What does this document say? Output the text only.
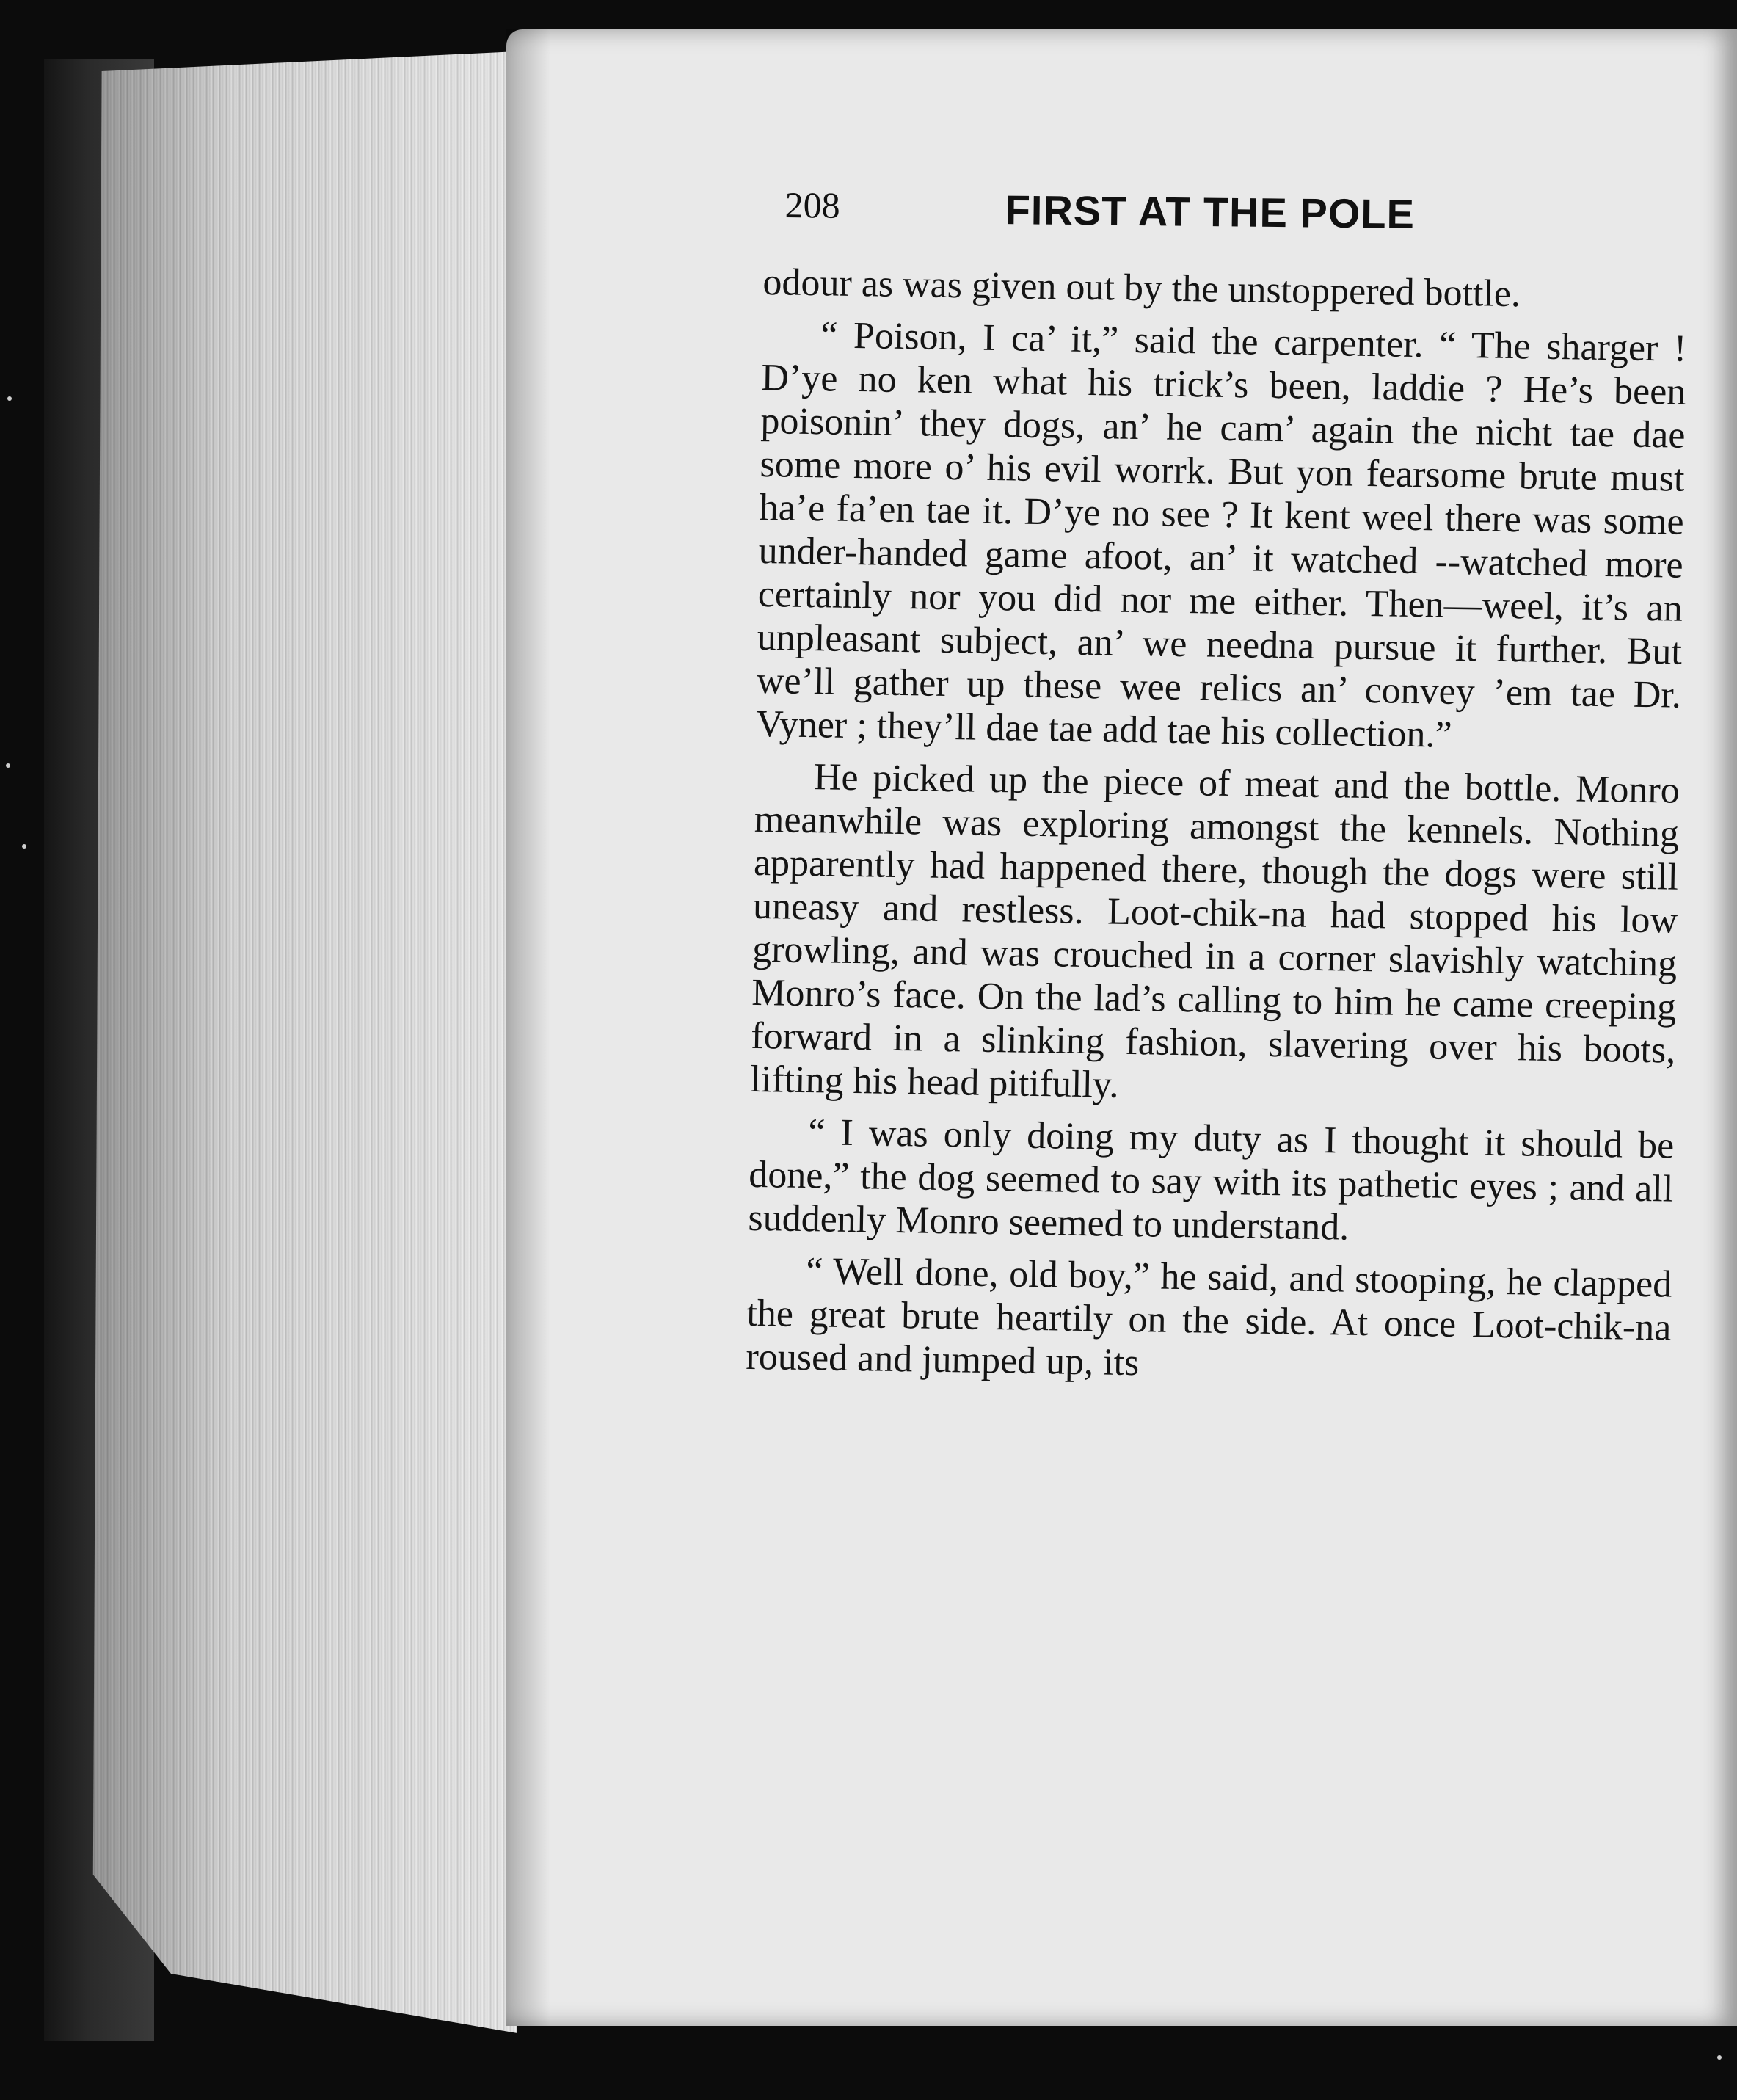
208	FIRST AT THE POLE

odour as was given out by the unstoppered bottle.

“ Poison, I ca’ it,” said the carpenter. “ The sharger ! D’ye no ken what his trick’s been, laddie ? He’s been poisonin’ they dogs, an’ he cam’ again the nicht tae dae some more o’ his evil worrk. But yon fearsome brute must ha’e fa’en tae it. D’ye no see ? It kent weel there was some under-handed game afoot, an’ it watched --watched more certainly nor you did nor me either. Then—weel, it’s an unpleasant subject, an’ we needna pursue it further. But we’ll gather up these wee relics an’ convey ’em tae Dr. Vyner ; they’ll dae tae add tae his collection.”

He picked up the piece of meat and the bottle. Monro meanwhile was exploring amongst the kennels. Nothing apparently had happened there, though the dogs were still uneasy and restless. Loot-chik-na had stopped his low growling, and was crouched in a corner slavishly watching Monro’s face. On the lad’s calling to him he came creeping forward in a slinking fashion, slavering over his boots, lifting his head pitifully.

“ I was only doing my duty as I thought it should be done,” the dog seemed to say with its pathetic eyes ; and all suddenly Monro seemed to understand.

“ Well done, old boy,” he said, and stooping, he clapped the great brute heartily on the side. At once Loot-chik-na roused and jumped up, its
